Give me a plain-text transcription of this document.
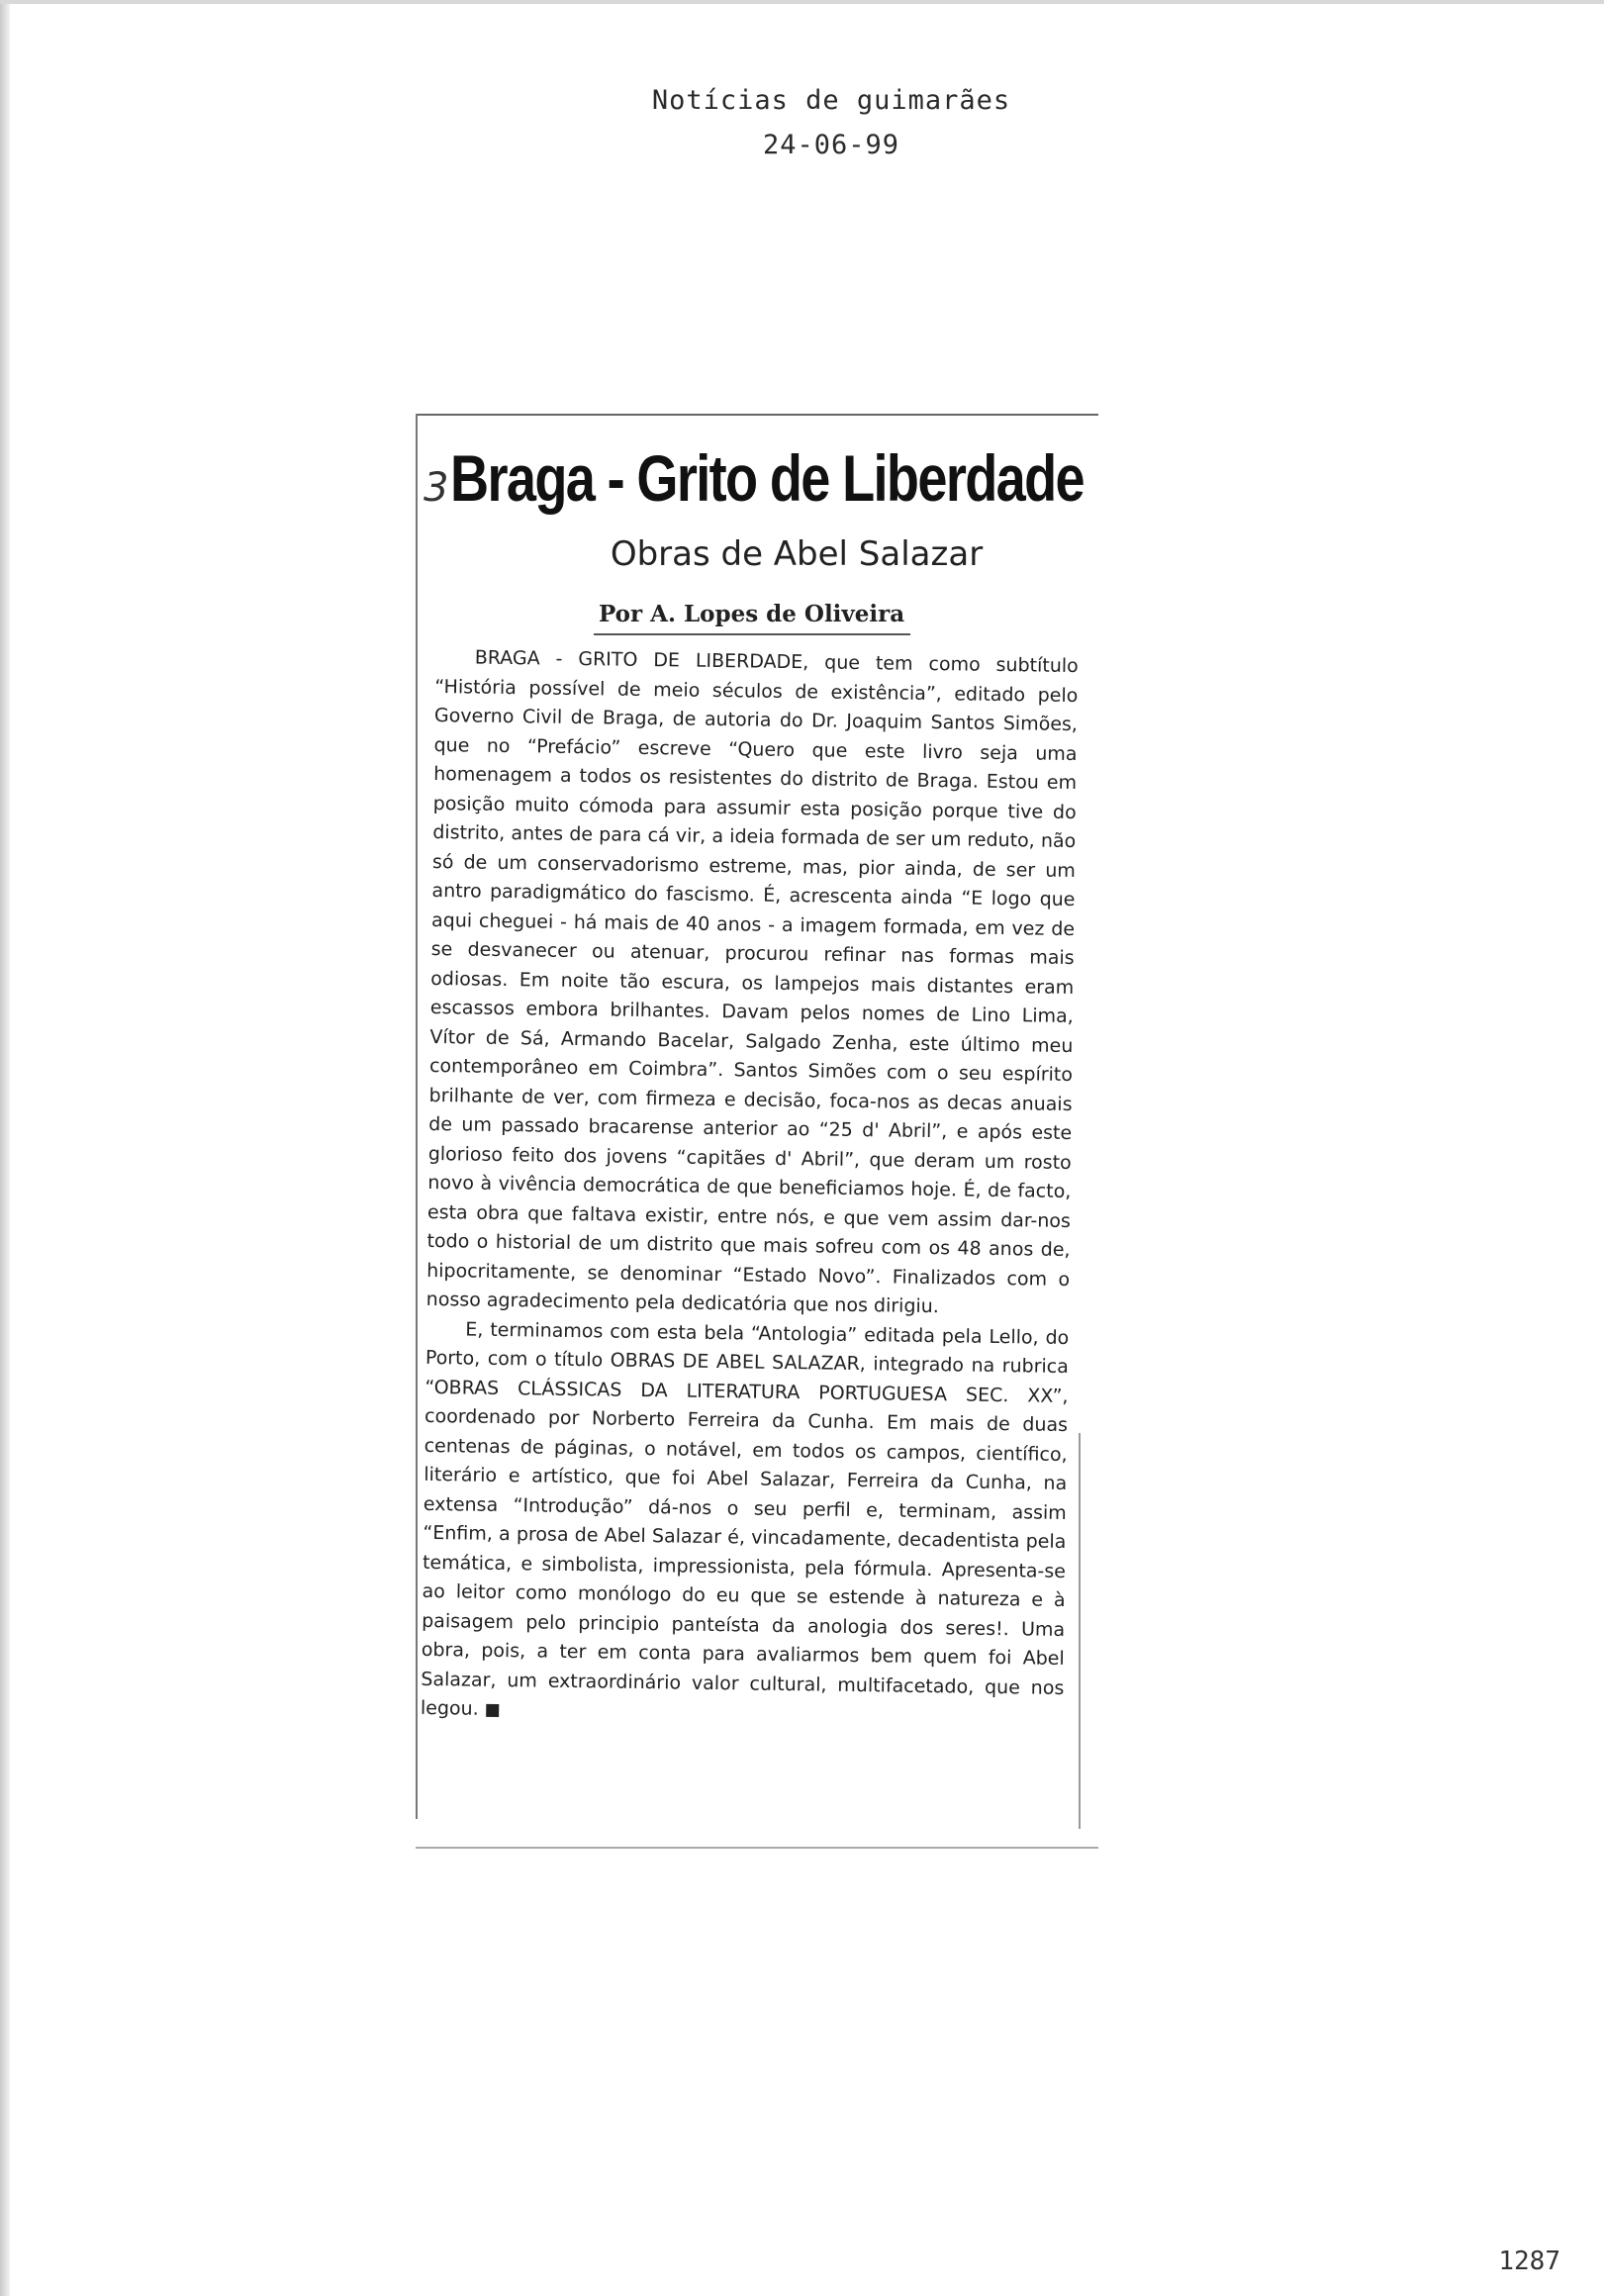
Notícias de guimarães
24-06-99
3 Braga - Grito de Liberdade
Obras de Abel Salazar
Por A. Lopes de Oliveira

BRAGA - GRITO DE LIBERDADE, que tem como subtítulo “História possível de meio séculos de existência”, editado pelo Governo Civil de Braga, de autoria do Dr. Joaquim Santos Simões, que no “Prefácio” escreve “Quero que este livro seja uma homenagem a todos os resistentes do distrito de Braga. Estou em posição muito cómoda para assumir esta posição porque tive do distrito, antes de para cá vir, a ideia formada de ser um reduto, não só de um conservadorismo estreme, mas, pior ainda, de ser um antro paradigmático do fascismo. É, acrescenta ainda “E logo que aqui cheguei - há mais de 40 anos - a imagem formada, em vez de se desvanecer ou atenuar, procurou refinar nas formas mais odiosas. Em noite tão escura, os lampejos mais distantes eram escassos embora brilhantes. Davam pelos nomes de Lino Lima, Vítor de Sá, Armando Bacelar, Salgado Zenha, este último meu contemporâneo em Coimbra”. Santos Simões com o seu espírito brilhante de ver, com firmeza e decisão, foca-nos as decas anuais de um passado bracarense anterior ao “25 d' Abril”, e após este glorioso feito dos jovens “capitães d' Abril”, que deram um rosto novo à vivência democrática de que beneficiamos hoje. É, de facto, esta obra que faltava existir, entre nós, e que vem assim dar-nos todo o historial de um distrito que mais sofreu com os 48 anos de, hipocritamente, se denominar “Estado Novo”. Finalizados com o nosso agradecimento pela dedicatória que nos dirigiu.

E, terminamos com esta bela “Antologia” editada pela Lello, do Porto, com o título OBRAS DE ABEL SALAZAR, integrado na rubrica “OBRAS CLÁSSICAS DA LITERATURA PORTUGUESA SEC. XX”, coordenado por Norberto Ferreira da Cunha. Em mais de duas centenas de páginas, o notável, em todos os campos, científico, literário e artístico, que foi Abel Salazar, Ferreira da Cunha, na extensa “Introdução” dá-nos o seu perfil e, terminam, assim “Enfim, a prosa de Abel Salazar é, vincadamente, decadentista pela temática, e simbolista, impressionista, pela fórmula. Apresenta-se ao leitor como monólogo do eu que se estende à natureza e à paisagem pelo principio panteísta da anologia dos seres!. Uma obra, pois, a ter em conta para avaliarmos bem quem foi Abel Salazar, um extraordinário valor cultural, multifacetado, que nos legou. ■

1287
